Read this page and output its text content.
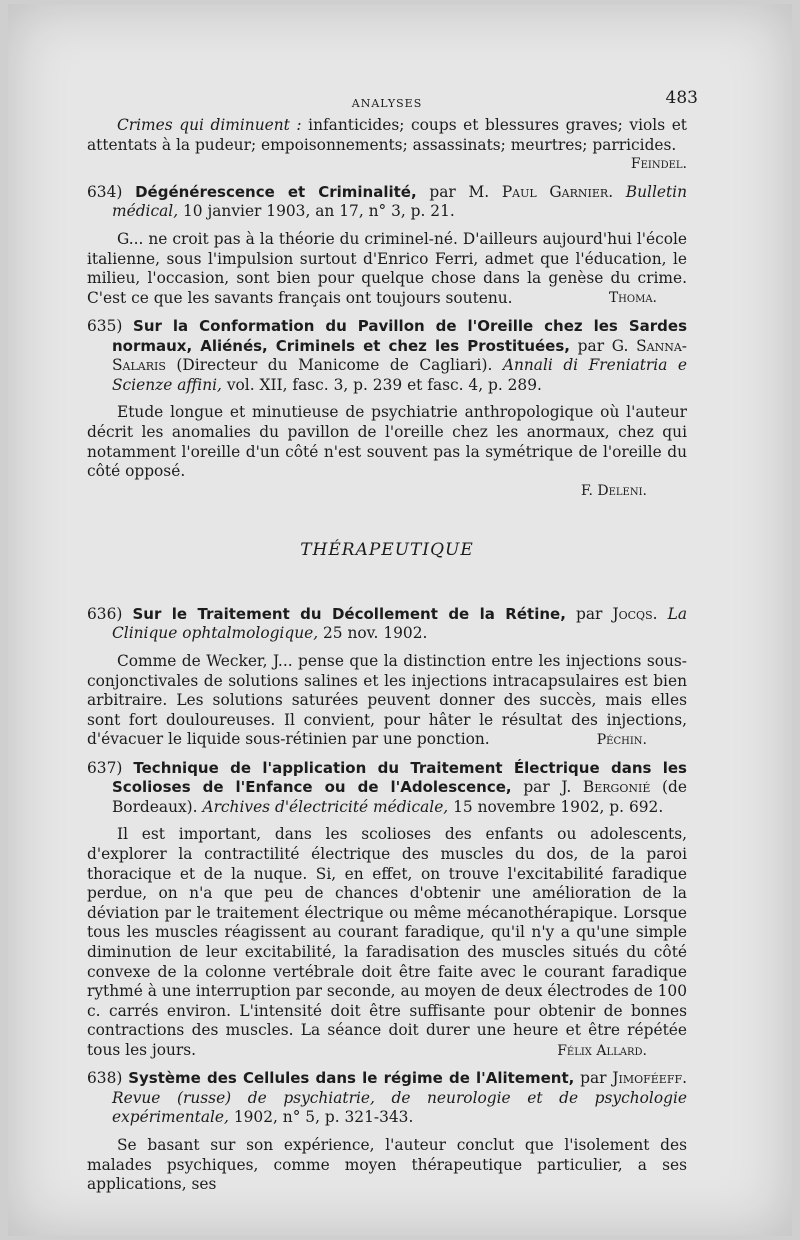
ANALYSES	483

Crimes qui diminuent : infanticides; coups et blessures graves; viols et attentats à la pudeur; empoisonnements; assassinats; meurtres; parricides.

Feindel.

634) Dégénérescence et Criminalité, par M. Paul Garnier. Bulletin médical, 10 janvier 1903, an 17, n° 3, p. 21.

G... ne croit pas à la théorie du criminel-né. D'ailleurs aujourd'hui l'école italienne, sous l'impulsion surtout d'Enrico Ferri, admet que l'éducation, le milieu, l'occasion, sont bien pour quelque chose dans la genèse du crime. C'est ce que les savants français ont toujours soutenu.	Thoma.

635) Sur la Conformation du Pavillon de l'Oreille chez les Sardes normaux, Aliénés, Criminels et chez les Prostituées, par G. Sanna-Salaris (Directeur du Manicome de Cagliari). Annali di Freniatria e Scienze affini, vol. XII, fasc. 3, p. 239 et fasc. 4, p. 289.

Etude longue et minutieuse de psychiatrie anthropologique où l'auteur décrit les anomalies du pavillon de l'oreille chez les anormaux, chez qui notamment l'oreille d'un côté n'est souvent pas la symétrique de l'oreille du côté opposé.

F. Deleni.
THÉRAPEUTIQUE

636) Sur le Traitement du Décollement de la Rétine, par Jocqs. La Clinique ophtalmologique, 25 nov. 1902.

Comme de Wecker, J... pense que la distinction entre les injections sous-conjonctivales de solutions salines et les injections intracapsulaires est bien arbitraire. Les solutions saturées peuvent donner des succès, mais elles sont fort douloureuses. Il convient, pour hâter le résultat des injections, d'évacuer le liquide sous-rétinien par une ponction.	Péchin.

637) Technique de l'application du Traitement Électrique dans les Scolioses de l'Enfance ou de l'Adolescence, par J. Bergonié (de Bordeaux). Archives d'électricité médicale, 15 novembre 1902, p. 692.

Il est important, dans les scolioses des enfants ou adolescents, d'explorer la contractilité électrique des muscles du dos, de la paroi thoracique et de la nuque. Si, en effet, on trouve l'excitabilité faradique perdue, on n'a que peu de chances d'obtenir une amélioration de la déviation par le traitement électrique ou même mécanothérapique. Lorsque tous les muscles réagissent au courant faradique, qu'il n'y a qu'une simple diminution de leur excitabilité, la faradisation des muscles situés du côté convexe de la colonne vertébrale doit être faite avec le courant faradique rythmé à une interruption par seconde, au moyen de deux électrodes de 100 c. carrés environ. L'intensité doit être suffisante pour obtenir de bonnes contractions des muscles. La séance doit durer une heure et être répétée tous les jours.	Félix Allard.

638) Système des Cellules dans le régime de l'Alitement, par Jimoféeff. Revue (russe) de psychiatrie, de neurologie et de psychologie expérimentale, 1902, n° 5, p. 321-343.

Se basant sur son expérience, l'auteur conclut que l'isolement des malades psychiques, comme moyen thérapeutique particulier, a ses applications, ses
